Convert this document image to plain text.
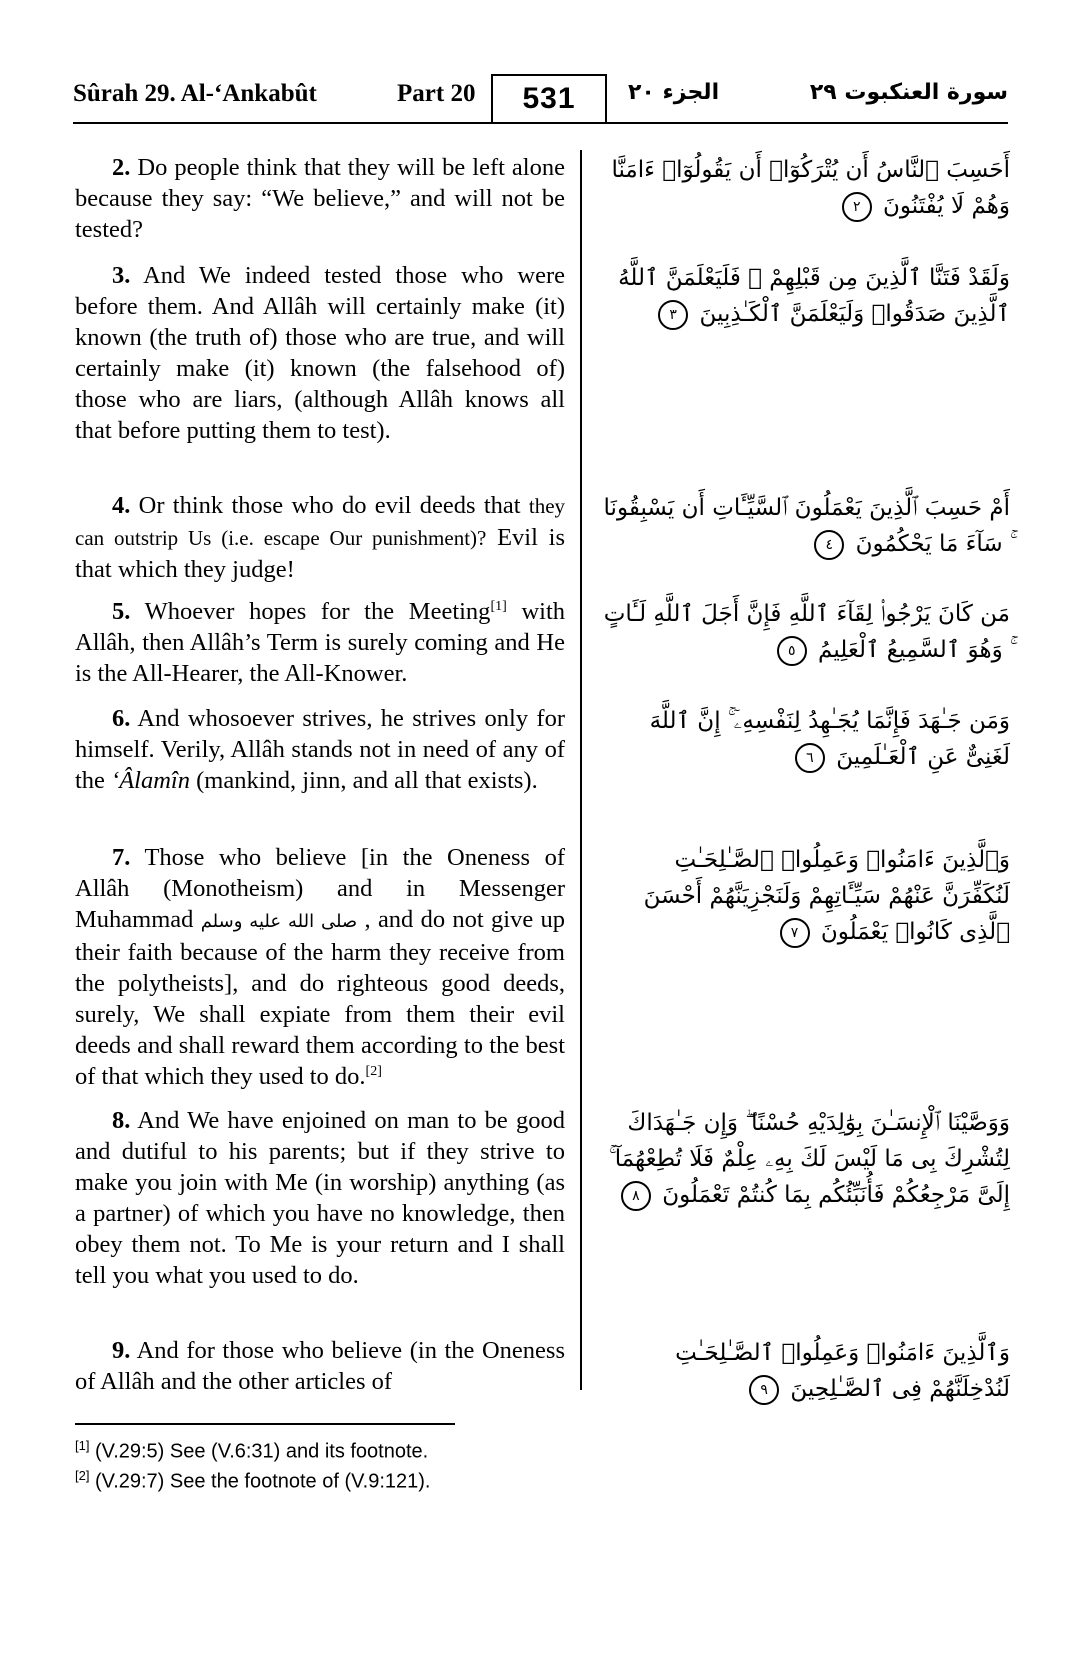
Sûrah 29. Al-‘Ankabût	Part 20	531	الجزء ٢٠	سورة العنكبوت ٢٩

2. Do people think that they will be left alone because they say: “We believe,” and will not be tested?

3. And We indeed tested those who were before them. And Allâh will certainly make (it) known (the truth of) those who are true, and will certainly make (it) known (the falsehood of) those who are liars, (although Allâh knows all that before putting them to test).

4. Or think those who do evil deeds that they can outstrip Us (i.e. escape Our punishment)? Evil is that which they judge!

5. Whoever hopes for the Meeting[1] with Allâh, then Allâh’s Term is surely coming and He is the All-Hearer, the All-Knower.

6. And whosoever strives, he strives only for himself. Verily, Allâh stands not in need of any of the ‘Âlamîn (mankind, jinn, and all that exists).

7. Those who believe [in the Oneness of Allâh (Monotheism) and in Messenger Muhammad صلى الله عليه وسلم , and do not give up their faith because of the harm they receive from the polytheists], and do righteous good deeds, surely, We shall expiate from them their evil deeds and shall reward them according to the best of that which they used to do.[2]

8. And We have enjoined on man to be good and dutiful to his parents; but if they strive to make you join with Me (in worship) anything (as a partner) of which you have no knowledge, then obey them not. To Me is your return and I shall tell you what you used to do.

9. And for those who believe (in the Oneness of Allâh and the other articles of

أَحَسِبَ ٱلنَّاسُ أَن يُتْرَكُوٓا۟ أَن يَقُولُوٓا۟ ءَامَنَّا وَهُمْ لَا يُفْتَنُونَ ٢
وَلَقَدْ فَتَنَّا ٱلَّذِينَ مِن قَبْلِهِمْ ۖ فَلَيَعْلَمَنَّ ٱللَّهُ ٱلَّذِينَ صَدَقُوا۟ وَلَيَعْلَمَنَّ ٱلْكَـٰذِبِينَ ٣
أَمْ حَسِبَ ٱلَّذِينَ يَعْمَلُونَ ٱلسَّيِّـَٔاتِ أَن يَسْبِقُونَا ۚ سَآءَ مَا يَحْكُمُونَ ٤
مَن كَانَ يَرْجُوا۟ لِقَآءَ ٱللَّهِ فَإِنَّ أَجَلَ ٱللَّهِ لَـَٔاتٍ ۚ وَهُوَ ٱلسَّمِيعُ ٱلْعَلِيمُ ٥
وَمَن جَـٰهَدَ فَإِنَّمَا يُجَـٰهِدُ لِنَفْسِهِۦٓ ۚ إِنَّ ٱللَّهَ لَغَنِىٌّ عَنِ ٱلْعَـٰلَمِينَ ٦
وَٱلَّذِينَ ءَامَنُوا۟ وَعَمِلُوا۟ ٱلصَّـٰلِحَـٰتِ لَنُكَفِّرَنَّ عَنْهُمْ سَيِّـَٔاتِهِمْ وَلَنَجْزِيَنَّهُمْ أَحْسَنَ ٱلَّذِى كَانُوا۟ يَعْمَلُونَ ٧
وَوَصَّيْنَا ٱلْإِنسَـٰنَ بِوَٰلِدَيْهِ حُسْنًا ۖ وَإِن جَـٰهَدَاكَ لِتُشْرِكَ بِى مَا لَيْسَ لَكَ بِهِۦ عِلْمٌ فَلَا تُطِعْهُمَآ ۚ إِلَىَّ مَرْجِعُكُمْ فَأُنَبِّئُكُم بِمَا كُنتُمْ تَعْمَلُونَ ٨
وَٱلَّذِينَ ءَامَنُوا۟ وَعَمِلُوا۟ ٱلصَّـٰلِحَـٰتِ لَنُدْخِلَنَّهُمْ فِى ٱلصَّـٰلِحِينَ ٩
[1] (V.29:5) See (V.6:31) and its footnote.
[2] (V.29:7) See the footnote of (V.9:121).
